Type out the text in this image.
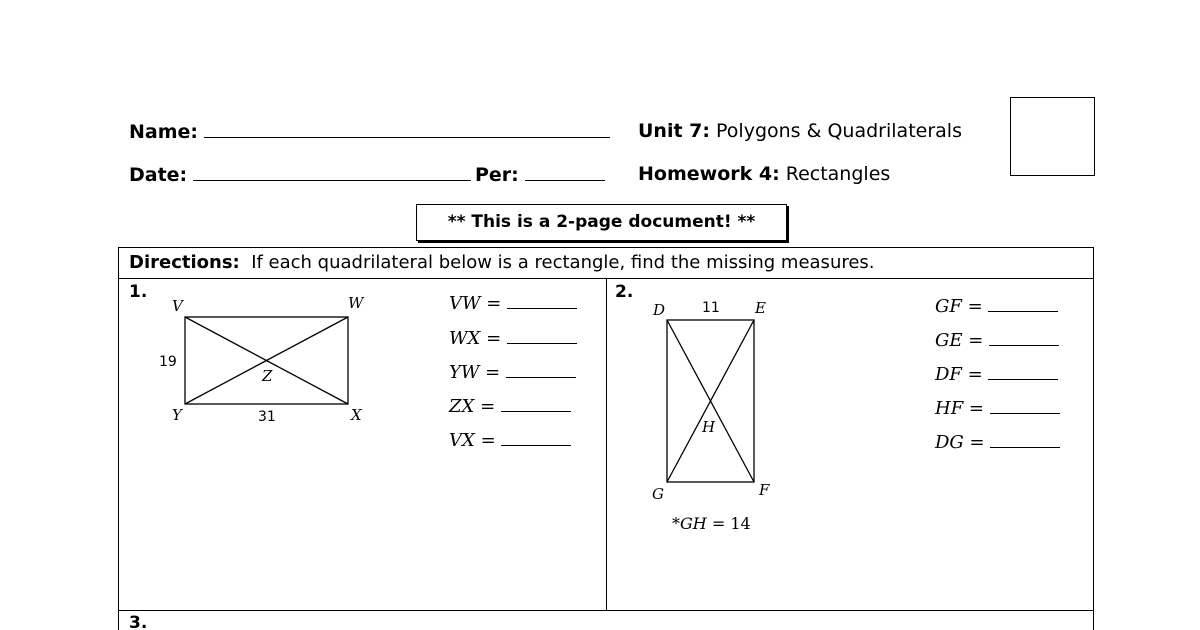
Name:
Date:	Per:
Unit 7: Polygons & Quadrilaterals
Homework 4: Rectangles
** This is a 2-page document! **
Directions: If each quadrilateral below is a rectangle, find the missing measures.
1.
V	W
Y	X
Z
19
31
VW =
WX =
YW =
ZX =
VX =
2.
D	E
G	F
H
11
*GH = 14
GF =
GE =
DF =
HF =
DG =
3.
